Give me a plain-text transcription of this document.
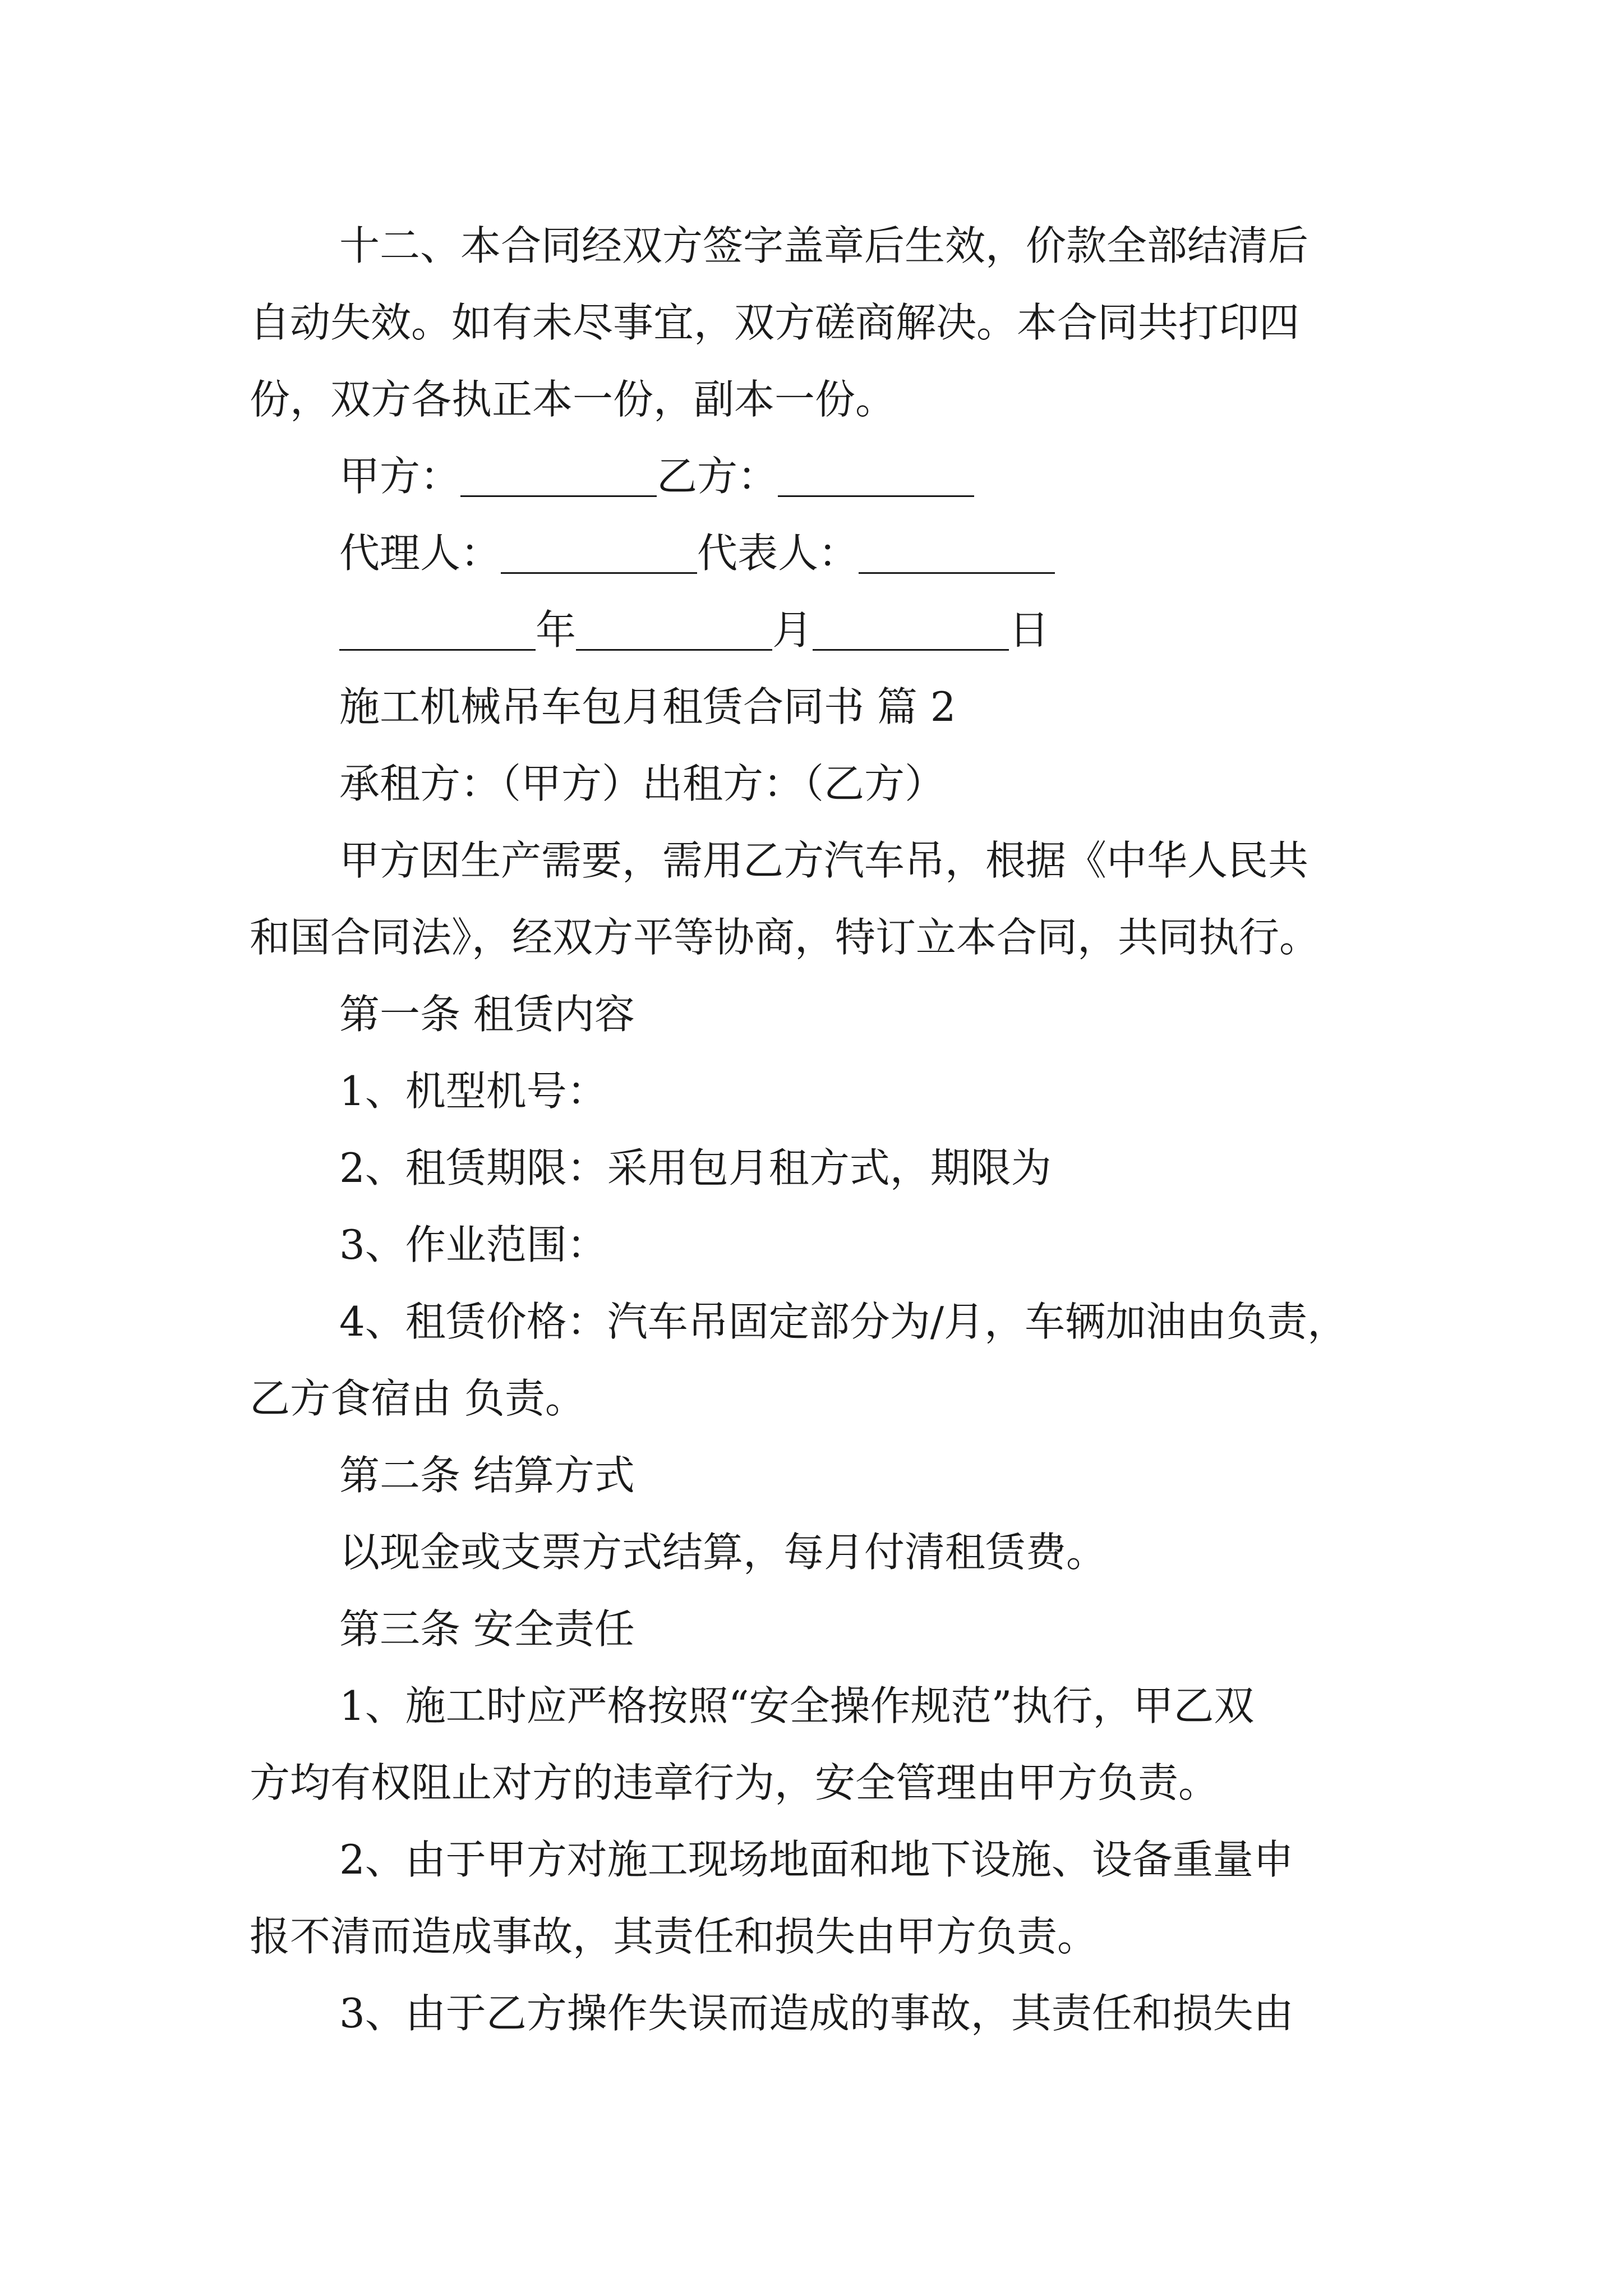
十二、本合同经双方签字盖章后生效，价款全部结清后
自动失效。如有未尽事宜，双方磋商解决。本合同共打印四
份，双方各执正本一份，副本一份。
甲方：	乙方：
代理人：	代表人：
年	月	日
施工机械吊车包月租赁合同书 篇 2
承租方：（甲方）出租方：（乙方）
甲方因生产需要，需用乙方汽车吊，根据《中华人民共
和国合同法》，经双方平等协商，特订立本合同，共同执行。
第一条 租赁内容
1、机型机号：
2、租赁期限：采用包月租方式，期限为
3、作业范围：
4、租赁价格：汽车吊固定部分为/月，车辆加油由负责，
乙方食宿由 负责。
第二条 结算方式
以现金或支票方式结算，每月付清租赁费。
第三条 安全责任
1、施工时应严格按照“安全操作规范”执行，甲乙双
方均有权阻止对方的违章行为，安全管理由甲方负责。
2、由于甲方对施工现场地面和地下设施、设备重量申
报不清而造成事故，其责任和损失由甲方负责。
3、由于乙方操作失误而造成的事故，其责任和损失由
